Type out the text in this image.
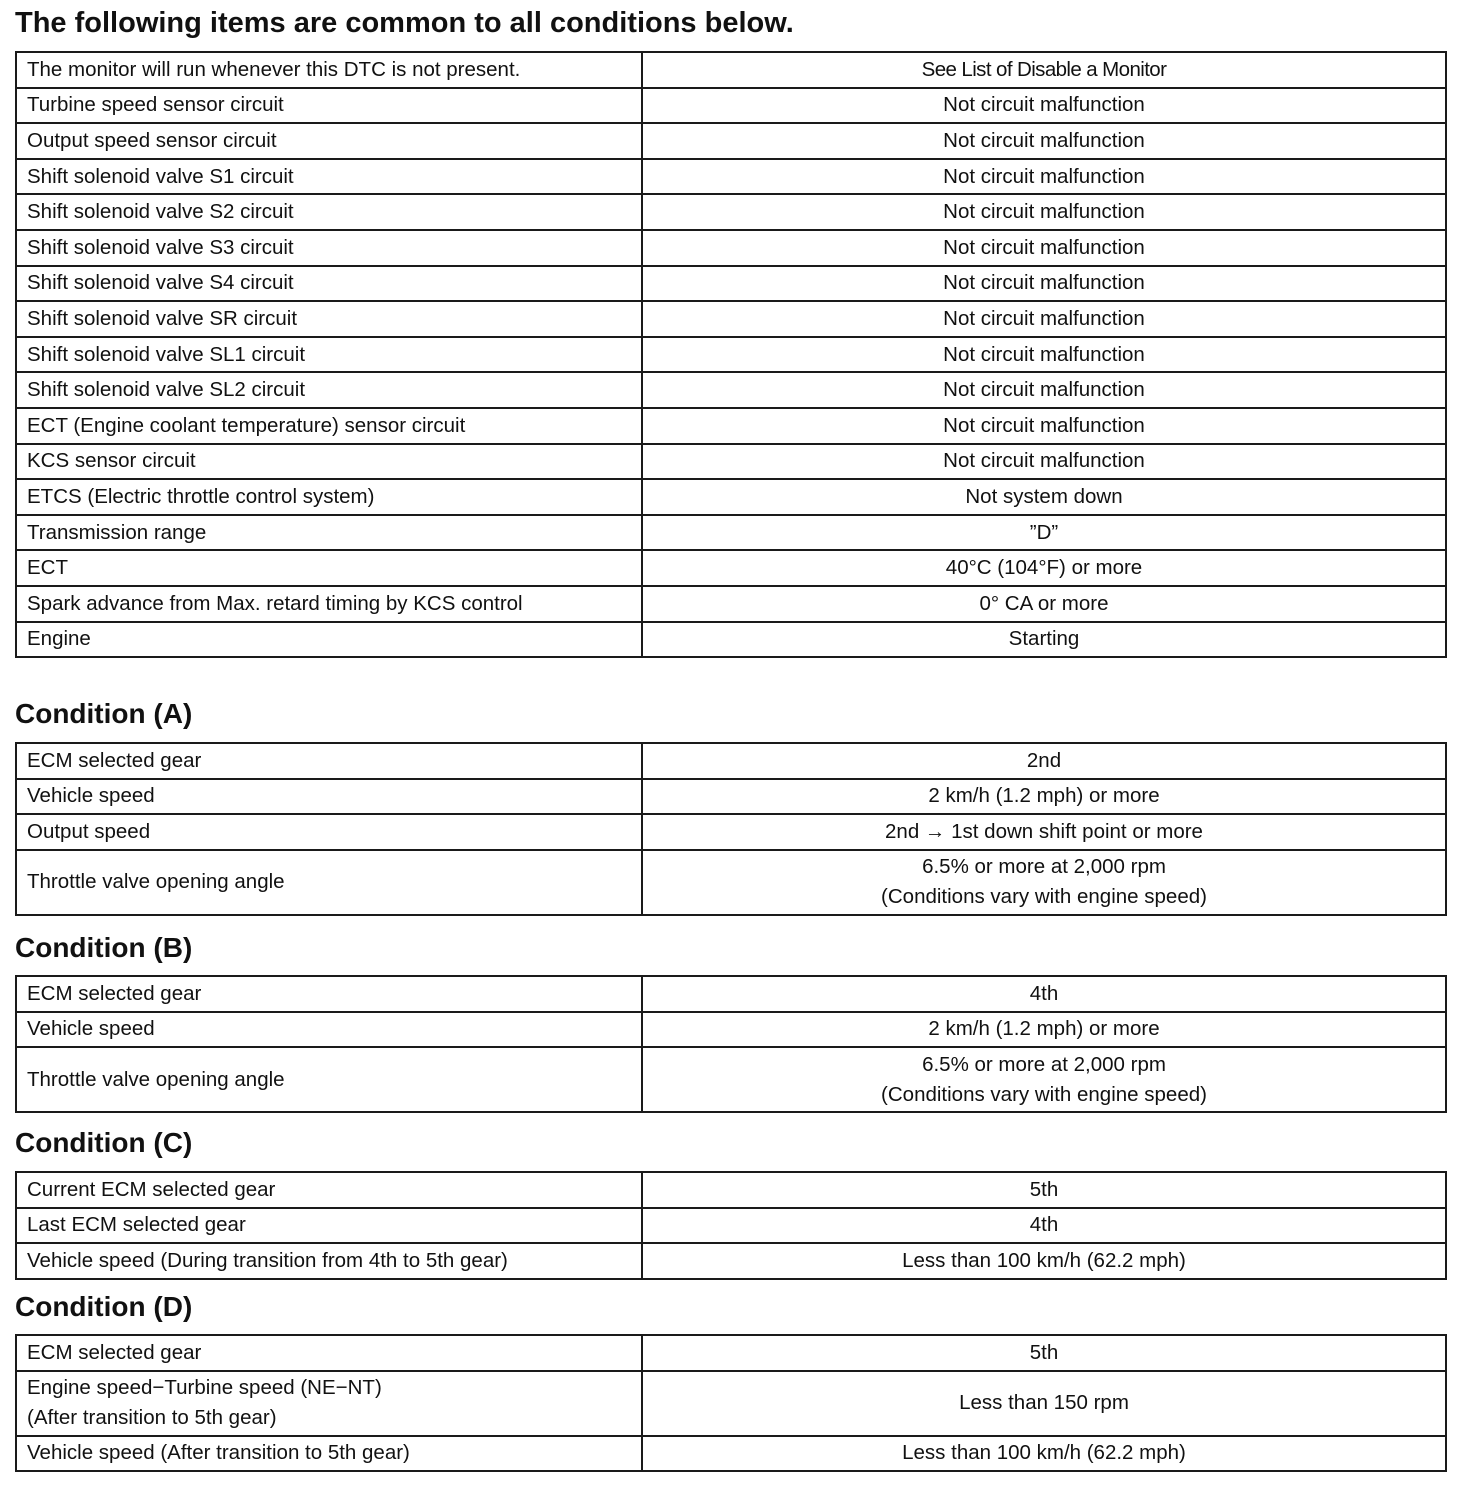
The following items are common to all conditions below.
The monitor will run whenever this DTC is not present.	See List of Disable a Monitor
Turbine speed sensor circuit	Not circuit malfunction
Output speed sensor circuit	Not circuit malfunction
Shift solenoid valve S1 circuit	Not circuit malfunction
Shift solenoid valve S2 circuit	Not circuit malfunction
Shift solenoid valve S3 circuit	Not circuit malfunction
Shift solenoid valve S4 circuit	Not circuit malfunction
Shift solenoid valve SR circuit	Not circuit malfunction
Shift solenoid valve SL1 circuit	Not circuit malfunction
Shift solenoid valve SL2 circuit	Not circuit malfunction
ECT (Engine coolant temperature) sensor circuit	Not circuit malfunction
KCS sensor circuit	Not circuit malfunction
ETCS (Electric throttle control system)	Not system down
Transmission range	”D”
ECT	40°C (104°F) or more
Spark advance from Max. retard timing by KCS control	0° CA or more
Engine	Starting
Condition (A)
ECM selected gear	2nd
Vehicle speed	2 km/h (1.2 mph) or more
Output speed	2nd → 1st down shift point or more
Throttle valve opening angle	6.5% or more at 2,000 rpm
(Conditions vary with engine speed)
Condition (B)
ECM selected gear	4th
Vehicle speed	2 km/h (1.2 mph) or more
Throttle valve opening angle	6.5% or more at 2,000 rpm
(Conditions vary with engine speed)
Condition (C)
Current ECM selected gear	5th
Last ECM selected gear	4th
Vehicle speed (During transition from 4th to 5th gear)	Less than 100 km/h (62.2 mph)
Condition (D)
ECM selected gear	5th
Engine speed−Turbine speed (NE−NT)
(After transition to 5th gear)	Less than 150 rpm
Vehicle speed (After transition to 5th gear)	Less than 100 km/h (62.2 mph)
